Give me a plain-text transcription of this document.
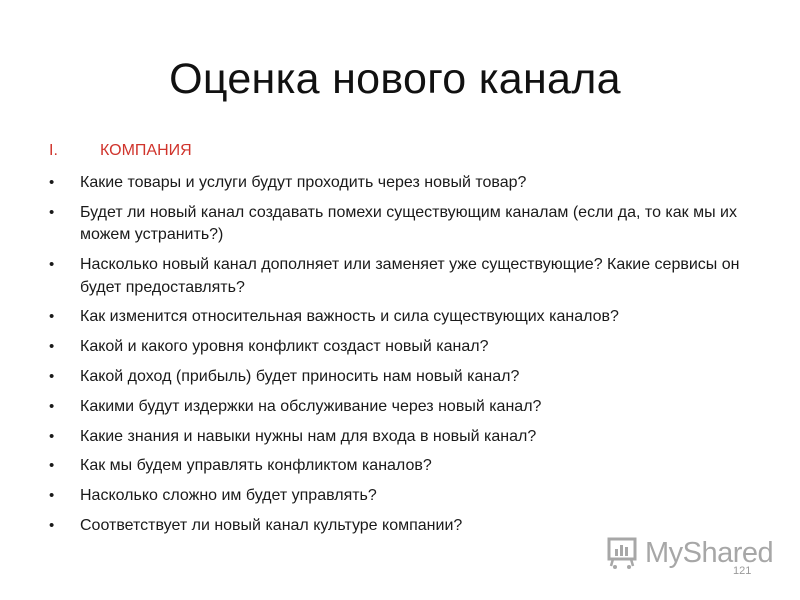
Оценка нового канала
I.	КОМПАНИЯ
• Какие товары и услуги будут проходить через новый товар?
• Будет ли новый канал создавать помехи существующим каналам (если да, то как мы их можем устранить?)
• Насколько новый канал дополняет или заменяет уже существующие? Какие сервисы он будет предоставлять?
• Как изменится относительная важность и сила существующих каналов?
• Какой и какого уровня конфликт создаст новый канал?
• Какой доход (прибыль) будет приносить нам новый канал?
• Какими будут издержки на обслуживание через новый канал?
• Какие знания и навыки нужны нам для входа в новый канал?
• Как мы будем управлять конфликтом каналов?
• Насколько сложно им будет управлять?
• Соответствует ли новый канал культуре компании?
MyShared
121
